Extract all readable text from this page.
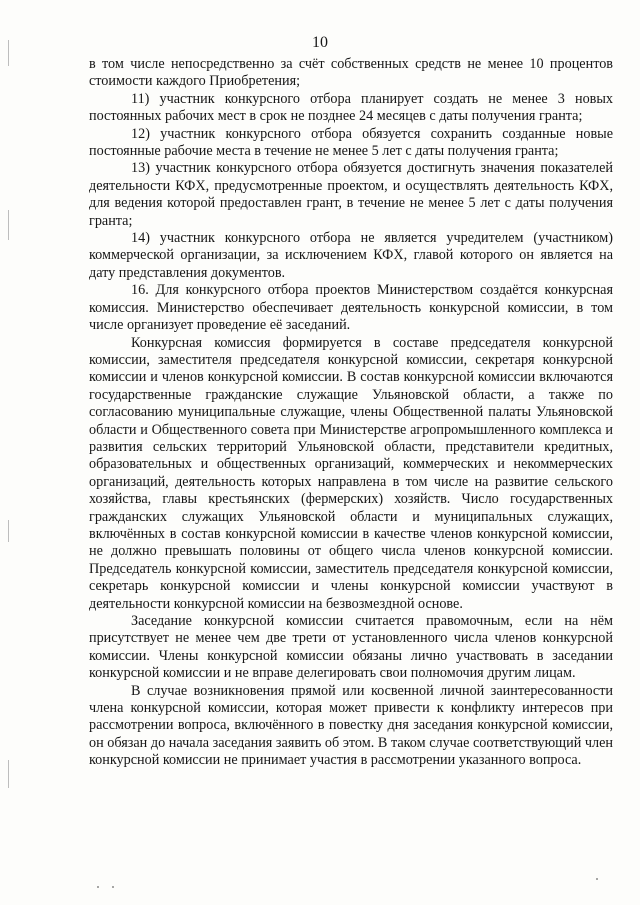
10

в том числе непосредственно за счёт собственных средств не менее 10 процентов стоимости каждого Приобретения;

11) участник конкурсного отбора планирует создать не менее 3 новых постоянных рабочих мест в срок не позднее 24 месяцев с даты получения гранта;

12) участник конкурсного отбора обязуется сохранить созданные новые постоянные рабочие места в течение не менее 5 лет с даты получения гранта;

13) участник конкурсного отбора обязуется достигнуть значения показателей деятельности КФХ, предусмотренные проектом, и осуществлять деятельность КФХ, для ведения которой предоставлен грант, в течение не менее 5 лет с даты получения гранта;

14) участник конкурсного отбора не является учредителем (участником) коммерческой организации, за исключением КФХ, главой которого он является на дату представления документов.

16. Для конкурсного отбора проектов Министерством создаётся конкурсная комиссия. Министерство обеспечивает деятельность конкурсной комиссии, в том числе организует проведение её заседаний.

Конкурсная комиссия формируется в составе председателя конкурсной комиссии, заместителя председателя конкурсной комиссии, секретаря конкурсной комиссии и членов конкурсной комиссии. В состав конкурсной комиссии включаются государственные гражданские служащие Ульяновской области, а также по согласованию муниципальные служащие, члены Общественной палаты Ульяновской области и Общественного совета при Министерстве агропромышленного комплекса и развития сельских территорий Ульяновской области, представители кредитных, образовательных и общественных организаций, коммерческих и некоммерческих организаций, деятельность которых направлена в том числе на развитие сельского хозяйства, главы крестьянских (фермерских) хозяйств. Число государственных гражданских служащих Ульяновской области и муниципальных служащих, включённых в состав конкурсной комиссии в качестве членов конкурсной комиссии, не должно превышать половины от общего числа членов конкурсной комиссии. Председатель конкурсной комиссии, заместитель председателя конкурсной комиссии, секретарь конкурсной комиссии и члены конкурсной комиссии участвуют в деятельности конкурсной комиссии на безвозмездной основе.

Заседание конкурсной комиссии считается правомочным, если на нём присутствует не менее чем две трети от установленного числа членов конкурсной комиссии. Члены конкурсной комиссии обязаны лично участвовать в заседании конкурсной комиссии и не вправе делегировать свои полномочия другим лицам.

В случае возникновения прямой или косвенной личной заинтересованности члена конкурсной комиссии, которая может привести к конфликту интересов при рассмотрении вопроса, включённого в повестку дня заседания конкурсной комиссии, он обязан до начала заседания заявить об этом. В таком случае соответствующий член конкурсной комиссии не принимает участия в рассмотрении указанного вопроса.
